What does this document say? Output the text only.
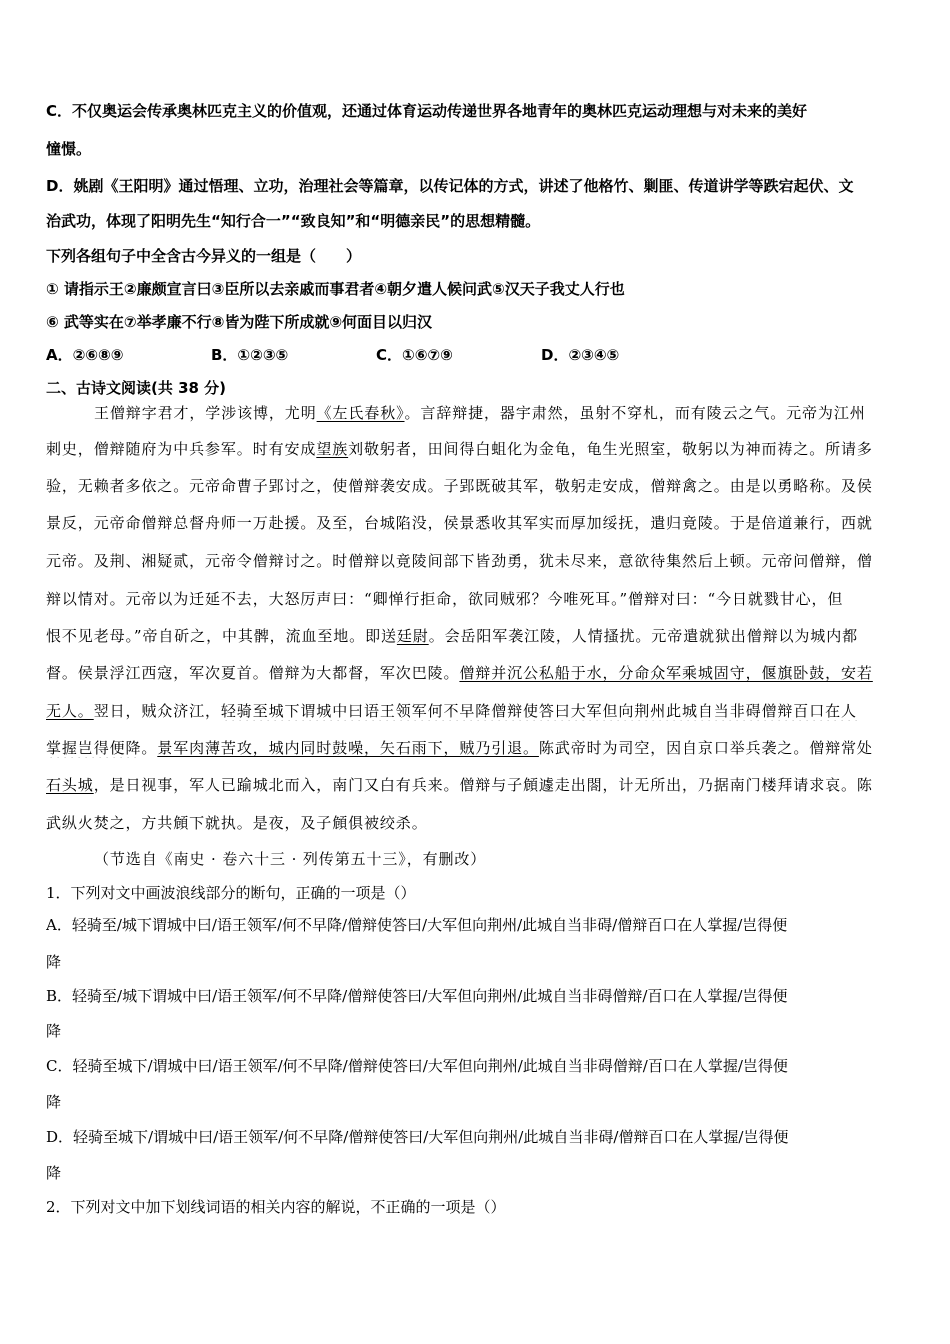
C．不仅奥运会传承奥林匹克主义的价值观，还通过体育运动传递世界各地青年的奥林匹克运动理想与对未来的美好
憧憬。
D．姚剧《王阳明》通过悟理、立功，治理社会等篇章，以传记体的方式，讲述了他格竹、剿匪、传道讲学等跌宕起伏、文
治武功，体现了阳明先生“知行合一”“致良知”和“明德亲民”的思想精髓。
下列各组句子中全含古今异义的一组是（　　）
① 请指示王②廉颇宣言曰③臣所以去亲戚而事君者④朝夕遣人候问武⑤汉天子我丈人行也
⑥ 武等实在⑦举孝廉不行⑧皆为陛下所成就⑨何面目以归汉
A．②⑥⑧⑨	B．①②③⑤	C．①⑥⑦⑨	D．②③④⑤
二、古诗文阅读(共 38 分)
王僧辩字君才，学涉该博，尤明《左氏春秋》。言辞辩捷，器宇肃然，虽射不穿札，而有陵云之气。元帝为江州
刺史，僧辩随府为中兵参军。时有安成望族刘敬躬者，田间得白蛆化为金龟，龟生光照室，敬躬以为神而祷之。所请多
验，无赖者多依之。元帝命曹子郢讨之，使僧辩袭安成。子郢既破其军，敬躬走安成，僧辩禽之。由是以勇略称。及侯
景反，元帝命僧辩总督舟师一万赴援。及至，台城陷没，侯景悉收其军实而厚加绥抚，遣归竟陵。于是倍道兼行，西就
元帝。及荆、湘疑贰，元帝令僧辩讨之。时僧辩以竟陵间部下皆劲勇，犹未尽来，意欲待集然后上顿。元帝问僧辩，僧
辩以情对。元帝以为迁延不去，大怒厉声曰：“卿惮行拒命，欲同贼邪？今唯死耳。”僧辩对曰：“今日就戮甘心，但
恨不见老母。”帝自斫之，中其髀，流血至地。即送廷尉。会岳阳军袭江陵，人情搔扰。元帝遣就狱出僧辩以为城内都
督。侯景浮江西寇，军次夏首。僧辩为大都督，军次巴陵。僧辩并沉公私船于水，分命众军乘城固守，偃旗卧鼓，安若
无人。翌日，贼众济江，轻骑至城下谓城中曰语王领军何不早降僧辩使答曰大军但向荆州此城自当非碍僧辩百口在人
掌握岂得便降。景军肉薄苦攻，城内同时鼓噪，矢石雨下，贼乃引退。陈武帝时为司空，因自京口举兵袭之。僧辩常处
石头城，是日视事，军人已踰城北而入，南门又白有兵来。僧辩与子頠遽走出閤，计无所出，乃据南门楼拜请求哀。陈
武纵火焚之，方共頠下就执。是夜，及子頠俱被绞杀。
（节选自《南史 · 卷六十三 · 列传第五十三》，有删改）
1．下列对文中画波浪线部分的断句，正确的一项是（）
A．轻骑至/城下谓城中曰/语王领军/何不早降/僧辩使答曰/大军但向荆州/此城自当非碍/僧辩百口在人掌握/岂得便
降
B．轻骑至/城下谓城中曰/语王领军/何不早降/僧辩使答曰/大军但向荆州/此城自当非碍僧辩/百口在人掌握/岂得便
降
C．轻骑至城下/谓城中曰/语王领军/何不早降/僧辩使答曰/大军但向荆州/此城自当非碍僧辩/百口在人掌握/岂得便
降
D．轻骑至城下/谓城中曰/语王领军/何不早降/僧辩使答曰/大军但向荆州/此城自当非碍/僧辩百口在人掌握/岂得便
降
2．下列对文中加下划线词语的相关内容的解说，不正确的一项是（）
